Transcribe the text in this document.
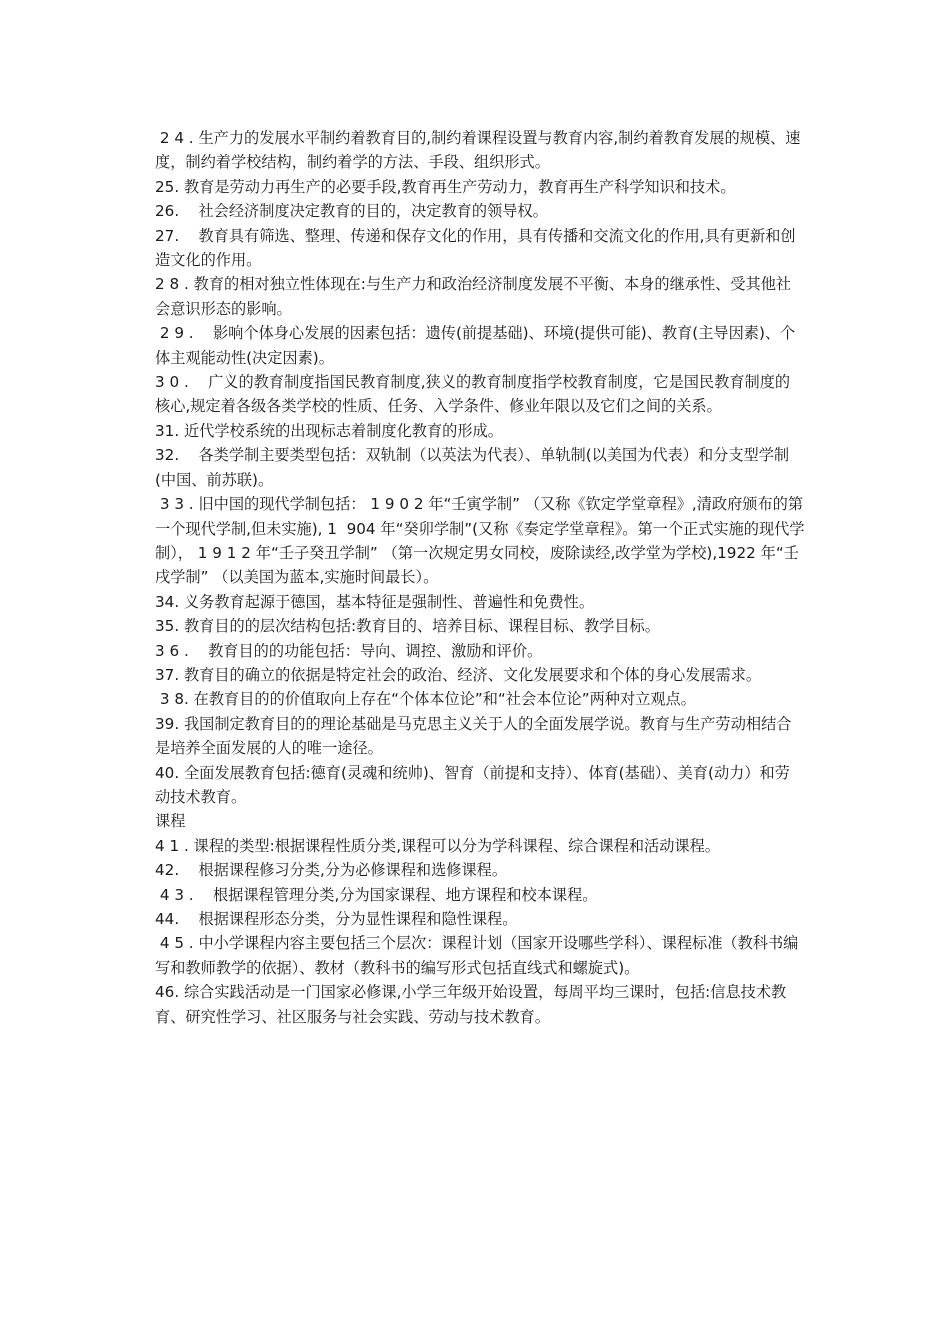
2 4 . 生产力的发展水平制约着教育目的,制约着课程设置与教育内容,制约着教育发展的规模、速度，制约着学校结构，制约着学的方法、手段、组织形式。

25. 教育是劳动力再生产的必要手段,教育再生产劳动力，教育再生产科学知识和技术。

26.    社会经济制度决定教育的目的，决定教育的领导权。

27.    教育具有筛选、整理、传递和保存文化的作用，具有传播和交流文化的作用,具有更新和创造文化的作用。

2 8 . 教育的相对独立性体现在:与生产力和政治经济制度发展不平衡、本身的继承性、受其他社会意识形态的影响。

2 9 .    影响个体身心发展的因素包括：遗传(前提基础)、环境(提供可能)、教育(主导因素)、个体主观能动性(决定因素)。

3 0 .    广义的教育制度指国民教育制度,狭义的教育制度指学校教育制度，它是国民教育制度的核心,规定着各级各类学校的性质、任务、入学条件、修业年限以及它们之间的关系。

31. 近代学校系统的出现标志着制度化教育的形成。

32.    各类学制主要类型包括：双轨制（以英法为代表）、单轨制(以美国为代表）和分支型学制(中国、前苏联)。

3 3 . 旧中国的现代学制包括： 1 9 0 2 年“壬寅学制” （又称《钦定学堂章程》,清政府颁布的第一个现代学制,但未实施), 1  904 年“癸卯学制”(又称《奏定学堂章程》。第一个正式实施的现代学制）， 1 9 1 2 年“壬子癸丑学制” （第一次规定男女同校，废除读经,改学堂为学校),1922 年“壬戌学制” （以美国为蓝本,实施时间最长）。

34. 义务教育起源于德国，基本特征是强制性、普遍性和免费性。

35. 教育目的的层次结构包括:教育目的、培养目标、课程目标、教学目标。

3 6 .    教育目的的功能包括：导向、调控、激励和评价。

37. 教育目的确立的依据是特定社会的政治、经济、文化发展要求和个体的身心发展需求。

3 8. 在教育目的的价值取向上存在“个体本位论”和“社会本位论”两种对立观点。

39. 我国制定教育目的的理论基础是马克思主义关于人的全面发展学说。教育与生产劳动相结合是培养全面发展的人的唯一途径。

40. 全面发展教育包括:德育(灵魂和统帅)、智育（前提和支持）、体育(基础）、美育(动力）和劳动技术教育。

课程

4 1 . 课程的类型:根据课程性质分类,课程可以分为学科课程、综合课程和活动课程。

42.    根据课程修习分类,分为必修课程和选修课程。

4 3 .    根据课程管理分类,分为国家课程、地方课程和校本课程。

44.    根据课程形态分类，分为显性课程和隐性课程。

4 5 . 中小学课程内容主要包括三个层次：课程计划（国家开设哪些学科）、课程标准（教科书编写和教师教学的依据）、教材（教科书的编写形式包括直线式和螺旋式)。

46. 综合实践活动是一门国家必修课,小学三年级开始设置，每周平均三课时，包括:信息技术教育、研究性学习、社区服务与社会实践、劳动与技术教育。
